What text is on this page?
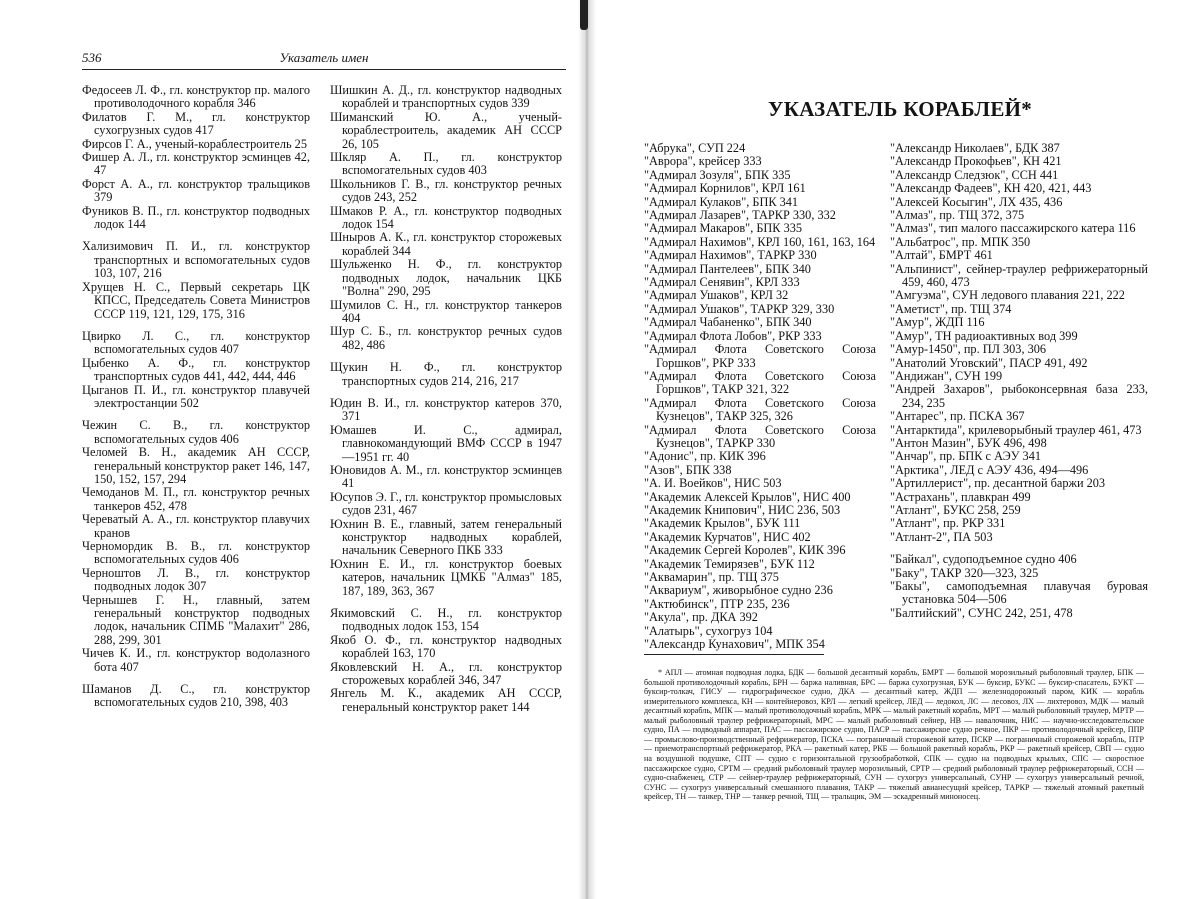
536	Указатель имен

Федосеев Л. Ф., гл. конструктор пр. малого противолодочного корабля 346

Филатов Г. М., гл. конструктор сухогрузных судов 417

Фирсов Г. А., ученый-кораблестроитель 25

Фишер А. Л., гл. конструктор эсминцев 42, 47

Форст А. А., гл. конструктор тральщиков 379

Фуников В. П., гл. конструктор подводных лодок 144

Хализимович П. И., гл. конструктор транспортных и вспомогательных судов 103, 107, 216

Хрущев Н. С., Первый секретарь ЦК КПСС, Председатель Совета Министров СССР 119, 121, 129, 175, 316

Цвирко Л. С., гл. конструктор вспомогательных судов 407

Цыбенко А. Ф., гл. конструктор транспортных судов 441, 442, 444, 446

Цыганов П. И., гл. конструктор плавучей электростанции 502

Чежин С. В., гл. конструктор вспомогательных судов 406

Челомей В. Н., академик АН СССР, генеральный конструктор ракет 146, 147, 150, 152, 157, 294

Чемоданов М. П., гл. конструктор речных танкеров 452, 478

Череватый А. А., гл. конструктор плавучих кранов

Черномордик В. В., гл. конструктор вспомогательных судов 406

Черноштов Л. В., гл. конструктор подводных лодок 307

Чернышев Г. Н., главный, затем генеральный конструктор подводных лодок, начальник СПМБ "Малахит" 286, 288, 299, 301

Чичев К. И., гл. конструктор водолазного бота 407

Шаманов Д. С., гл. конструктор вспомогательных судов 210, 398, 403

Шишкин А. Д., гл. конструктор надводных кораблей и транспортных судов 339

Шиманский Ю. А., ученый-кораблестроитель, академик АН СССР 26, 105

Шкляр А. П., гл. конструктор вспомогательных судов 403

Школьников Г. В., гл. конструктор речных судов 243, 252

Шмаков Р. А., гл. конструктор подводных лодок 154

Шныров А. К., гл. конструктор сторожевых кораблей 344

Шульженко Н. Ф., гл. конструктор подводных лодок, начальник ЦКБ "Волна" 290, 295

Шумилов С. Н., гл. конструктор танкеров 404

Шур С. Б., гл. конструктор речных судов 482, 486

Щукин Н. Ф., гл. конструктор транспортных судов 214, 216, 217

Юдин В. И., гл. конструктор катеров 370, 371

Юмашев И. С., адмирал, главнокомандующий ВМФ СССР в 1947—1951 гг. 40

Юновидов А. М., гл. конструктор эсминцев 41

Юсупов Э. Г., гл. конструктор промысловых судов 231, 467

Юхнин В. Е., главный, затем генеральный конструктор надводных кораблей, начальник Северного ПКБ 333

Юхнин Е. И., гл. конструктор боевых катеров, начальник ЦМКБ "Алмаз" 185, 187, 189, 363, 367

Якимовский С. Н., гл. конструктор подводных лодок 153, 154

Якоб О. Ф., гл. конструктор надводных кораблей 163, 170

Яковлевский Н. А., гл. конструктор сторожевых кораблей 346, 347

Янгель М. К., академик АН СССР, генеральный конструктор ракет 144

УКАЗАТЕЛЬ КОРАБЛЕЙ*

"Абрука", СУП 224

"Аврора", крейсер 333

"Адмирал Зозуля", БПК 335

"Адмирал Корнилов", КРЛ 161

"Адмирал Кулаков", БПК 341

"Адмирал Лазарев", ТАРКР 330, 332

"Адмирал Макаров", БПК 335

"Адмирал Нахимов", КРЛ 160, 161, 163, 164

"Адмирал Нахимов", ТАРКР 330

"Адмирал Пантелеев", БПК 340

"Адмирал Сенявин", КРЛ 333

"Адмирал Ушаков", КРЛ 32

"Адмирал Ушаков", ТАРКР 329, 330

"Адмирал Чабаненко", БПК 340

"Адмирал Флота Лобов", РКР 333

"Адмирал Флота Советского Союза Горшков", РКР 333

"Адмирал Флота Советского Союза Горшков", ТАКР 321, 322

"Адмирал Флота Советского Союза Кузнецов", ТАКР 325, 326

"Адмирал Флота Советского Союза Кузнецов", ТАРКР 330

"Адонис", пр. КИК 396

"Азов", БПК 338

"А. И. Воейков", НИС 503

"Академик Алексей Крылов", НИС 400

"Академик Книпович", НИС 236, 503

"Академик Крылов", БУК 111

"Академик Курчатов", НИС 402

"Академик Сергей Королев", КИК 396

"Академик Темирязев", БУК 112

"Аквамарин", пр. ТЩ 375

"Аквариум", живорыбное судно 236

"Актюбинск", ПТР 235, 236

"Акула", пр. ДКА 392

"Алатырь", сухогруз 104

"Александр Кунахович", МПК 354

"Александр Николаев", БДК 387

"Александр Прокофьев", КН 421

"Александр Следзюк", ССН 441

"Александр Фадеев", КН 420, 421, 443

"Алексей Косыгин", ЛХ 435, 436

"Алмаз", пр. ТЩ 372, 375

"Алмаз", тип малого пассажирского катера 116

"Альбатрос", пр. МПК 350

"Алтай", БМРТ 461

"Альпинист", сейнер-траулер рефрижераторный 459, 460, 473

"Амгуэма", СУН ледового плавания 221, 222

"Аметист", пр. ТЩ 374

"Амур", ЖДП 116

"Амур", ТН радиоактивных вод 399

"Амур-1450", пр. ПЛ 303, 306

"Анатолий Уговский", ПАСР 491, 492

"Андижан", СУН 199

"Андрей Захаров", рыбоконсервная база 233, 234, 235

"Антарес", пр. ПСКА 367

"Антарктида", крилеворыбный траулер 461, 473

"Антон Мазин", БУК 496, 498

"Анчар", пр. БПК с АЭУ 341

"Арктика", ЛЕД с АЭУ 436, 494—496

"Артиллерист", пр. десантной баржи 203

"Астрахань", плавкран 499

"Атлант", БУКС 258, 259

"Атлант", пр. РКР 331

"Атлант-2", ПА 503

"Байкал", судоподъемное судно 406

"Баку", ТАКР 320—323, 325

"Бакы", самоподъемная плавучая буровая установка 504—506

"Балтийский", СУНС 242, 251, 478

* АПЛ — атомная подводная лодка, БДК — большой десантный корабль, БМРТ — большой морозильный рыболовный траулер, БПК — большой противолодочный корабль, БРН — баржа наливная, БРС — баржа сухогрузная, БУК — буксир, БУКС — буксир-спасатель, БУКТ — буксир-толкач, ГИСУ — гидрографическое судно, ДКА — десантный катер, ЖДП — железнодорожный паром, КИК — корабль измерительного комплекса, КН — контейнеровоз, КРЛ — легкий крейсер, ЛЕД — ледокол, ЛС — лесовоз, ЛХ — лихтеровоз, МДК — малый десантный корабль, МПК — малый противолодочный корабль, МРК — малый ракетный корабль, МРТ — малый рыболовный траулер, МРТР — малый рыболовный траулер рефрижераторный, МРС — малый рыболовный сейнер, НВ — навалочник, НИС — научно-исследовательское судно, ПА — подводный аппарат, ПАС — пассажирское судно, ПАСР — пассажирское судно речное, ПКР — противолодочный крейсер, ППР — промыслово-производственный рефрижератор, ПСКА — пограничный сторожевой катер, ПСКР — пограничный сторожевой корабль, ПТР — приемотранспортный рефрижератор, РКА — ракетный катер, РКБ — большой ракетный корабль, РКР — ракетный крейсер, СВП — судно на воздушной подушке, СПТ — судно с горизонтальной грузообработкой, СПК — судно на подводных крыльях, СПС — скоростное пассажирское судно, СРТМ — средний рыболовный траулер морозильный, СРТР — средний рыболовный траулер рефрижераторный, ССН — судно-снабженец, СТР — сейнер-траулер рефрижераторный, СУН — сухогруз универсальный, СУНР — сухогруз универсальный речной, СУНС — сухогруз универсальный смешанного плавания, ТАКР — тяжелый авианесущий крейсер, ТАРКР — тяжелый атомный ракетный крейсер, ТН — танкер, ТНР — танкер речной, ТЩ — тральщик, ЭМ — эскадренный миноносец.
